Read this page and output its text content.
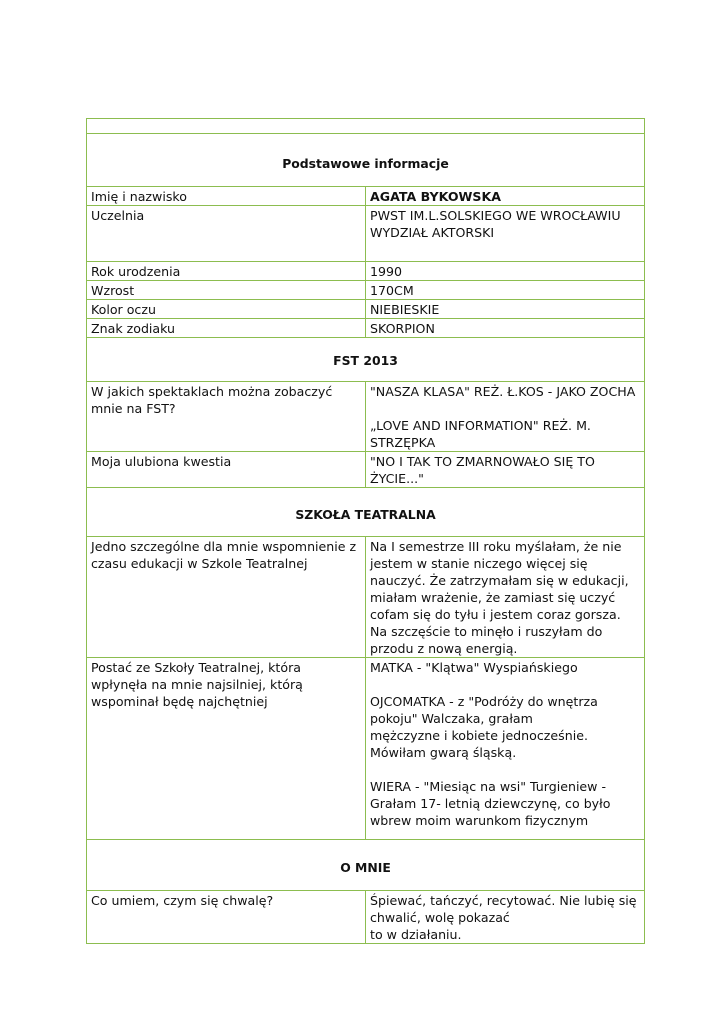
Podstawowe informacje	
Imię i nazwisko	AGATA BYKOWSKA
Uczelnia	PWST IM.L.SOLSKIEGO WE WROCŁAWIU WYDZIAŁ AKTORSKI
Rok urodzenia	1990
Wzrost	170CM
Kolor oczu	NIEBIESKIE
Znak zodiaku	SKORPION
FST 2013	
W jakich spektaklach można zobaczyć mnie na FST?	"NASZA KLASA" REŻ. Ł.KOS - JAKO ZOCHA

„LOVE AND INFORMATION" REŻ. M. STRZĘPKA
Moja ulubiona kwestia	"NO I TAK TO ZMARNOWAŁO SIĘ TO ŻYCIE..."
SZKOŁA TEATRALNA	
Jedno szczególne dla mnie wspomnienie z czasu edukacji w Szkole Teatralnej	Na I semestrze III roku myślałam, że nie jestem w stanie niczego więcej się nauczyć. Że zatrzymałam się w edukacji, miałam wrażenie, że zamiast się uczyć cofam się do tyłu i jestem coraz gorsza. Na szczęście to minęło i ruszyłam do przodu z nową energią.
Postać ze Szkoły Teatralnej, która wpłynęła na mnie najsilniej, którą wspominał będę najchętniej	MATKA - "Klątwa" Wyspiańskiego

OJCOMATKA - z "Podróży do wnętrza pokoju" Walczaka, grałam
mężczyzne i kobiete jednocześnie. Mówiłam gwarą śląską.

WIERA - "Miesiąc na wsi" Turgieniew - Grałam 17- letnią dziewczynę, co było wbrew moim warunkom fizycznym
O MNIE	
Co umiem, czym się chwalę?	Śpiewać, tańczyć, recytować. Nie lubię się chwalić, wolę pokazać
to w działaniu.
